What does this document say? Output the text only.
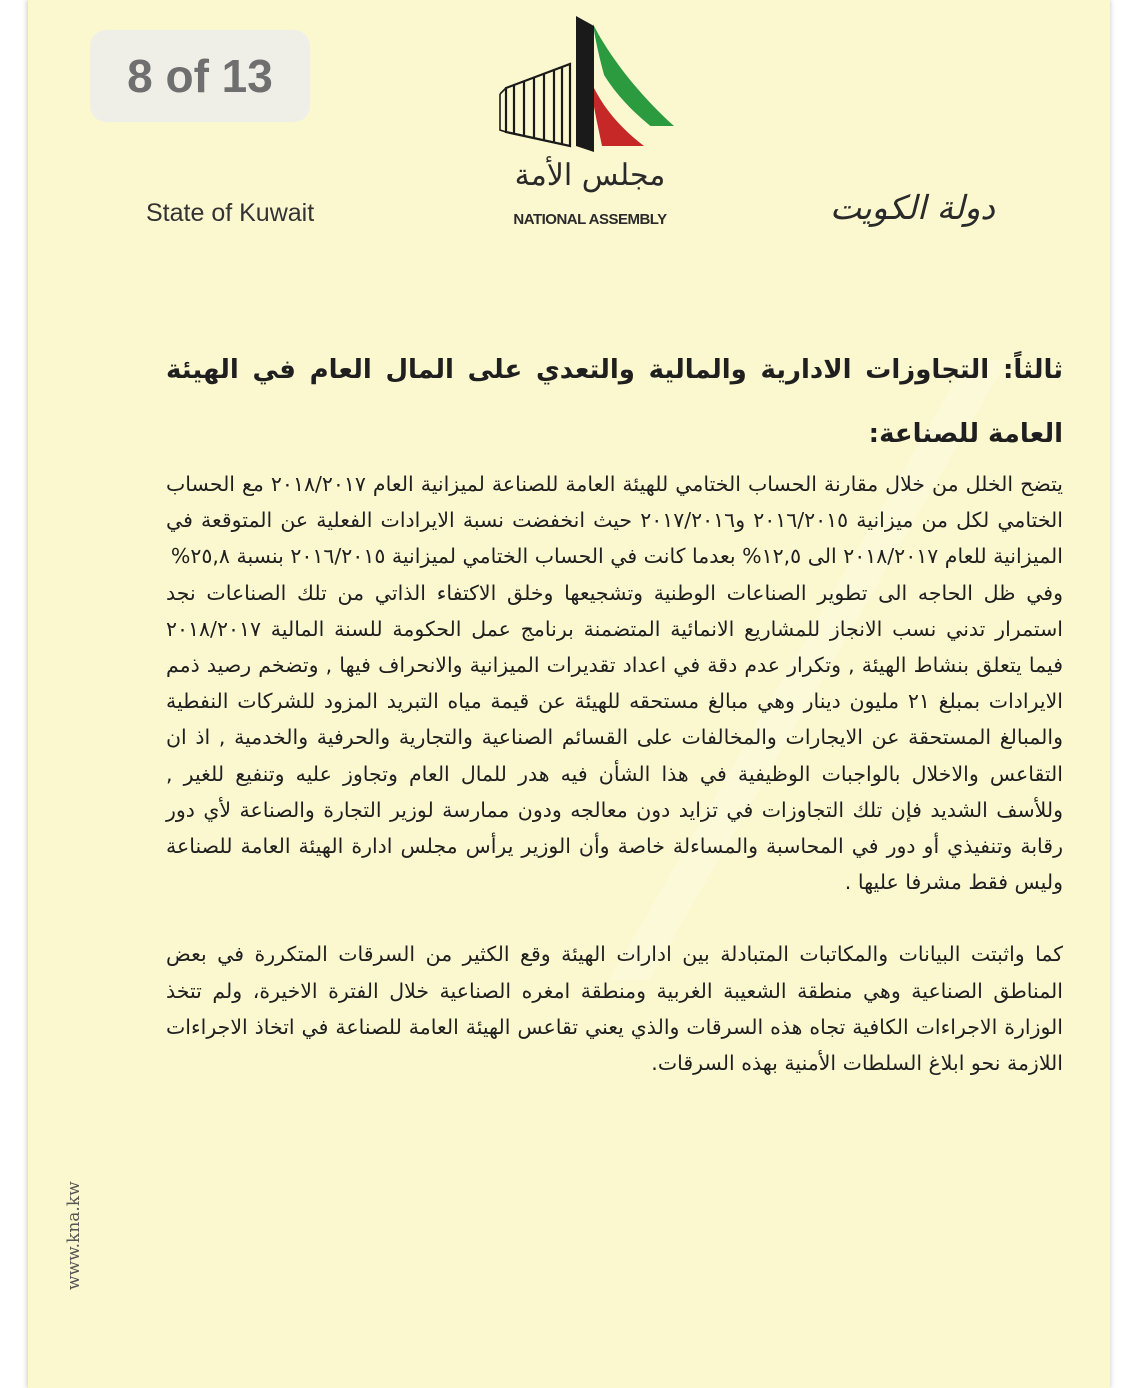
8 of 13
مجلس الأمة
NATIONAL ASSEMBLY
State of Kuwait	دولة الكويت

ثالثاً: التجاوزات الادارية والمالية والتعدي على المال العام في الهيئة العامة للصناعة:

يتضح الخلل من خلال مقارنة الحساب الختامي للهيئة العامة للصناعة لميزانية العام ٢٠١٨/٢٠١٧ مع الحساب الختامي لكل من ميزانية ٢٠١٦/٢٠١٥ و٢٠١٧/٢٠١٦ حيث انخفضت نسبة الايرادات الفعلية عن المتوقعة في الميزانية للعام ٢٠١٨/٢٠١٧ الى ١٢,٥% بعدما كانت في الحساب الختامي لميزانية ٢٠١٦/٢٠١٥ بنسبة ٢٥,٨%

وفي ظل الحاجه الى تطوير الصناعات الوطنية وتشجيعها وخلق الاكتفاء الذاتي من تلك الصناعات نجد استمرار تدني نسب الانجاز للمشاريع الانمائية المتضمنة برنامج عمل الحكومة للسنة المالية ٢٠١٨/٢٠١٧ فيما يتعلق بنشاط الهيئة , وتكرار عدم دقة في اعداد تقديرات الميزانية والانحراف فيها , وتضخم رصيد ذمم الايرادات بمبلغ ٢١ مليون دينار وهي مبالغ مستحقه للهيئة عن قيمة مياه التبريد المزود للشركات النفطية والمبالغ المستحقة عن الايجارات والمخالفات على القسائم الصناعية والتجارية والحرفية والخدمية , اذ ان التقاعس والاخلال بالواجبات الوظيفية في هذا الشأن فيه هدر للمال العام وتجاوز عليه وتنفيع للغير , وللأسف الشديد فإن تلك التجاوزات في تزايد دون معالجه ودون ممارسة لوزير التجارة والصناعة لأي دور رقابة وتنفيذي أو دور في المحاسبة والمساءلة خاصة وأن الوزير يرأس مجلس ادارة الهيئة العامة للصناعة وليس فقط مشرفا عليها .

كما واثبتت البيانات والمكاتبات المتبادلة بين ادارات الهيئة وقع الكثير من السرقات المتكررة في بعض المناطق الصناعية وهي منطقة الشعيبة الغربية ومنطقة امغره الصناعية خلال الفترة الاخيرة، ولم تتخذ الوزارة الاجراءات الكافية تجاه هذه السرقات والذي يعني تقاعس الهيئة العامة للصناعة في اتخاذ الاجراءات اللازمة نحو ابلاغ السلطات الأمنية بهذه السرقات.

www.kna.kw
